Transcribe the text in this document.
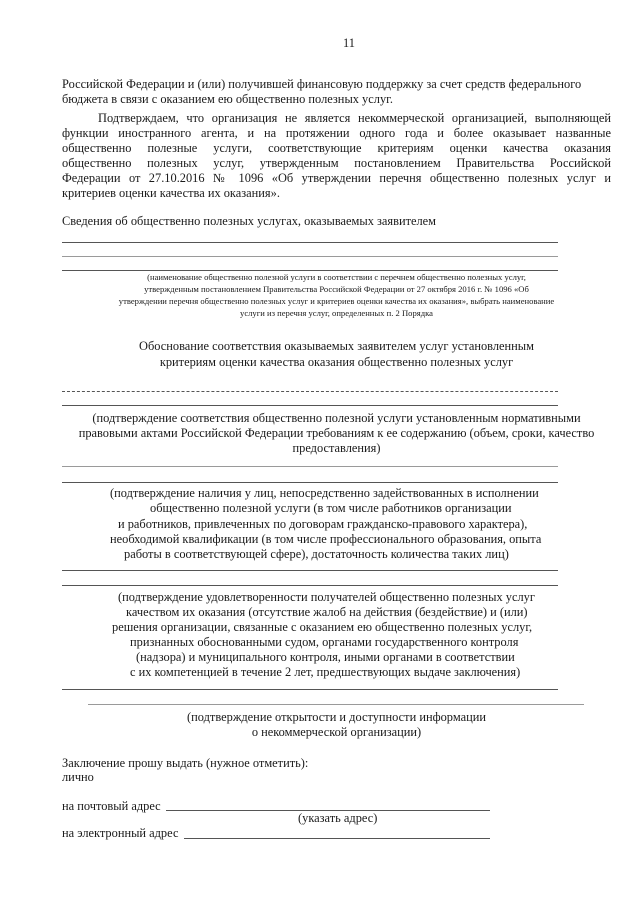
11
Российской Федерации и (или) получившей финансовую поддержку за счет средств федерального
бюджета в связи с оказанием ею общественно полезных услуг.
Подтверждаем, что организация не является некоммерческой организацией, выполняющей
функции иностранного агента, и на протяжении одного года и более оказывает названные
общественно полезные услуги, соответствующие критериям оценки качества оказания
общественно полезных услуг, утвержденным постановлением Правительства Российской
Федерации от 27.10.2016 № 1096 «Об утверждении перечня общественно полезных услуг и
критериев оценки качества их оказания».
Сведения об общественно полезных услугах, оказываемых заявителем
(наименование общественно полезной услуги в соответствии с перечнем общественно полезных услуг,
утвержденным постановлением Правительства Российской Федерации от 27 октября 2016 г. № 1096 «Об
утверждении перечня общественно полезных услуг и критериев оценки качества их оказания», выбрать наименование
услуги из перечня услуг, определенных п. 2 Порядка
Обоснование соответствия оказываемых заявителем услуг установленным
критериям оценки качества оказания общественно полезных услуг
(подтверждение соответствия общественно полезной услуги установленным нормативными
правовыми актами Российской Федерации требованиям к ее содержанию (объем, сроки, качество
предоставления)
(подтверждение наличия у лиц, непосредственно задействованных в исполнении
общественно полезной услуги (в том числе работников организации
и работников, привлеченных по договорам гражданско-правового характера),
необходимой квалификации (в том числе профессионального образования, опыта
работы в соответствующей сфере), достаточность количества таких лиц)
(подтверждение удовлетворенности получателей общественно полезных услуг
качеством их оказания (отсутствие жалоб на действия (бездействие) и (или)
решения организации, связанные с оказанием ею общественно полезных услуг,
признанных обоснованными судом, органами государственного контроля
(надзора) и муниципального контроля, иными органами в соответствии
с их компетенцией в течение 2 лет, предшествующих выдаче заключения)
(подтверждение открытости и доступности информации
о некоммерческой организации)
Заключение прошу выдать (нужное отметить):
лично
на почтовый адрес
(указать адрес)
на электронный адрес
